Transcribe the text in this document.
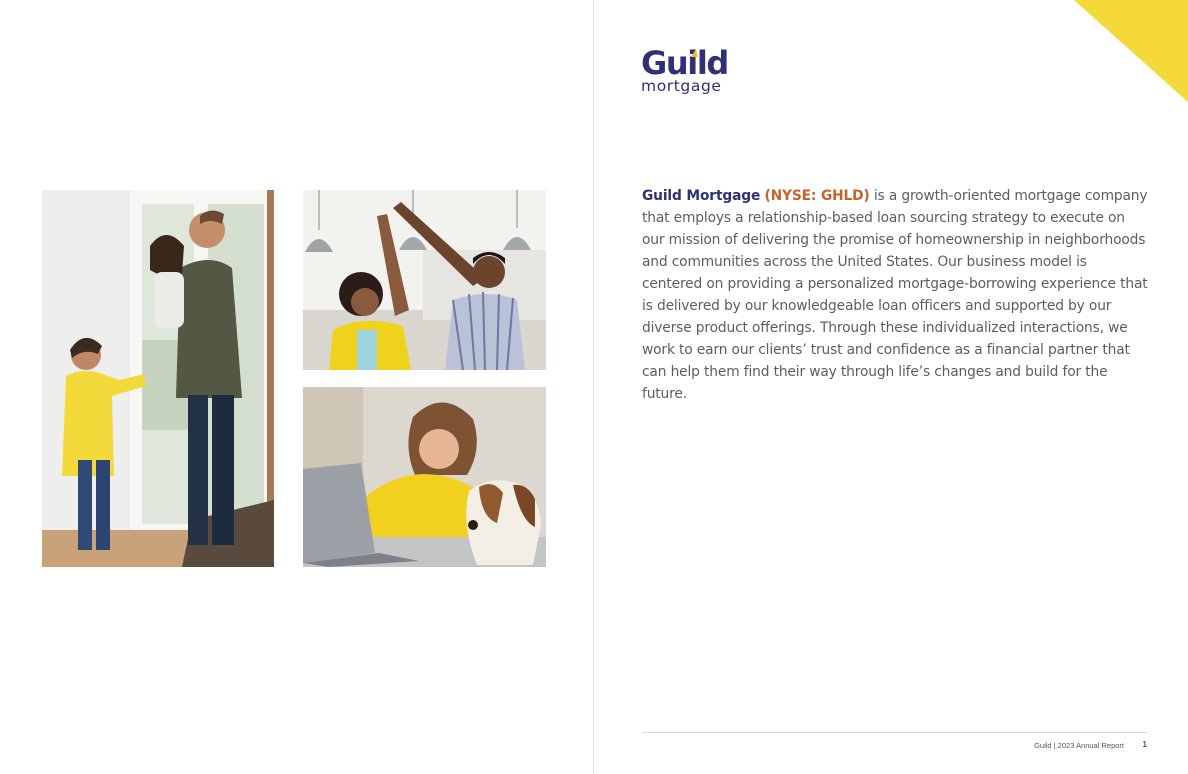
Guild
mortgage

Guild Mortgage (NYSE: GHLD) is a growth-oriented mortgage company that employs a relationship-based loan sourcing strategy to execute on our mission of delivering the promise of homeownership in neighborhoods and communities across the United States. Our business model is centered on providing a personalized mortgage-borrowing experience that is delivered by our knowledgeable loan officers and supported by our diverse product offerings. Through these individualized interactions, we work to earn our clients’ trust and confidence as a financial partner that can help them find their way through life’s changes and build for the future.

Guild | 2023 Annual Report 1
